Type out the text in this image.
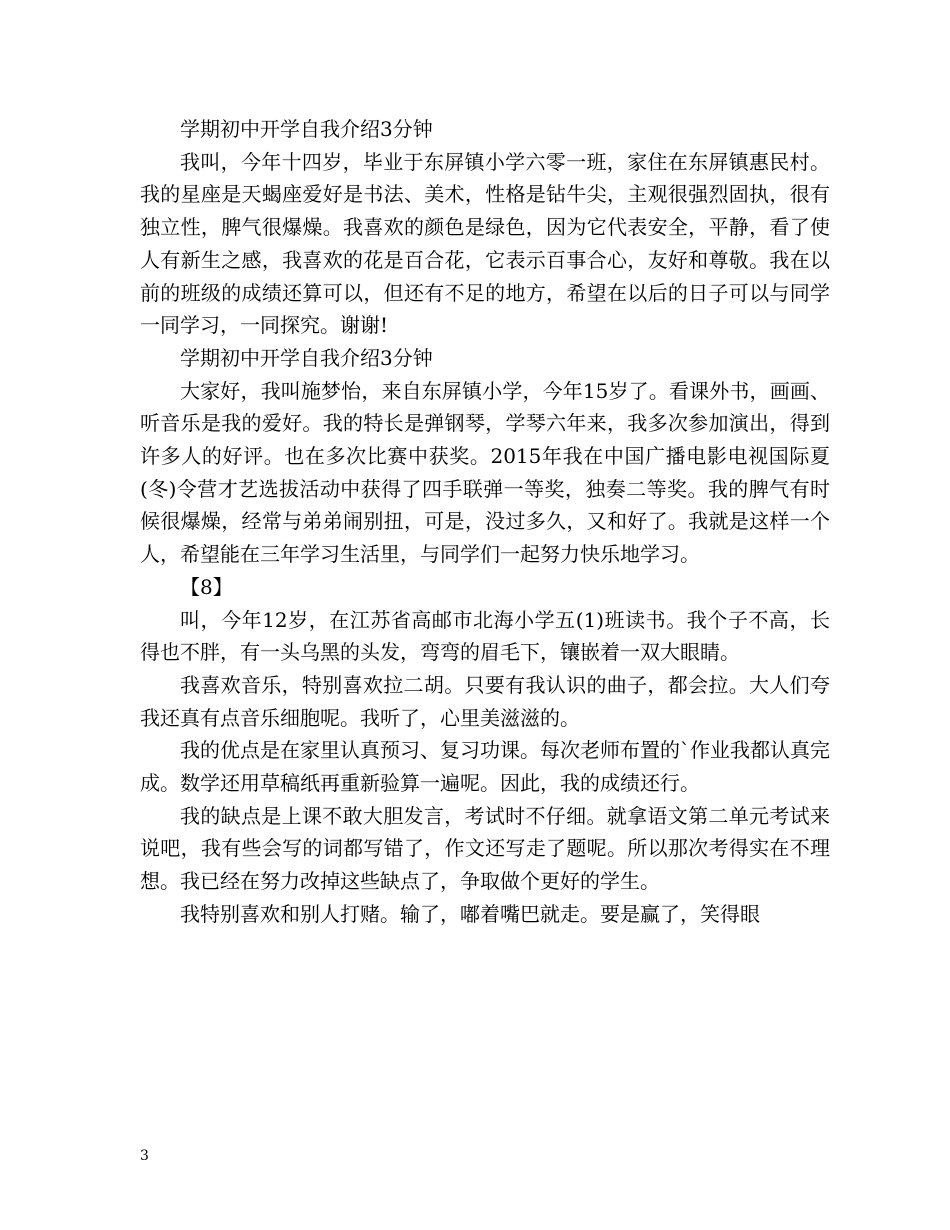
学期初中开学自我介绍3分钟

我叫，今年十四岁，毕业于东屏镇小学六零一班，家住在东屏镇惠民村。我的星座是天蝎座爱好是书法、美术，性格是钻牛尖，主观很强烈固执，很有独立性，脾气很爆燥。我喜欢的颜色是绿色，因为它代表安全，平静，看了使人有新生之感，我喜欢的花是百合花，它表示百事合心，友好和尊敬。我在以前的班级的成绩还算可以，但还有不足的地方，希望在以后的日子可以与同学一同学习，一同探究。谢谢!

学期初中开学自我介绍3分钟

大家好，我叫施梦怡，来自东屏镇小学，今年15岁了。看课外书，画画、听音乐是我的爱好。我的特长是弹钢琴，学琴六年来，我多次参加演出，得到许多人的好评。也在多次比赛中获奖。2015年我在中国广播电影电视国际夏(冬)令营才艺选拔活动中获得了四手联弹一等奖，独奏二等奖。我的脾气有时候很爆燥，经常与弟弟闹别扭，可是，没过多久，又和好了。我就是这样一个人，希望能在三年学习生活里，与同学们一起努力快乐地学习。

【8】

叫，今年12岁，在江苏省高邮市北海小学五(1)班读书。我个子不高，长得也不胖，有一头乌黑的头发，弯弯的眉毛下，镶嵌着一双大眼睛。

我喜欢音乐，特别喜欢拉二胡。只要有我认识的曲子，都会拉。大人们夸我还真有点音乐细胞呢。我听了，心里美滋滋的。

我的优点是在家里认真预习、复习功课。每次老师布置的`作业我都认真完成。数学还用草稿纸再重新验算一遍呢。因此，我的成绩还行。

我的缺点是上课不敢大胆发言，考试时不仔细。就拿语文第二单元考试来说吧，我有些会写的词都写错了，作文还写走了题呢。所以那次考得实在不理想。我已经在努力改掉这些缺点了，争取做个更好的学生。

我特别喜欢和别人打赌。输了，嘟着嘴巴就走。要是赢了，笑得眼

3
